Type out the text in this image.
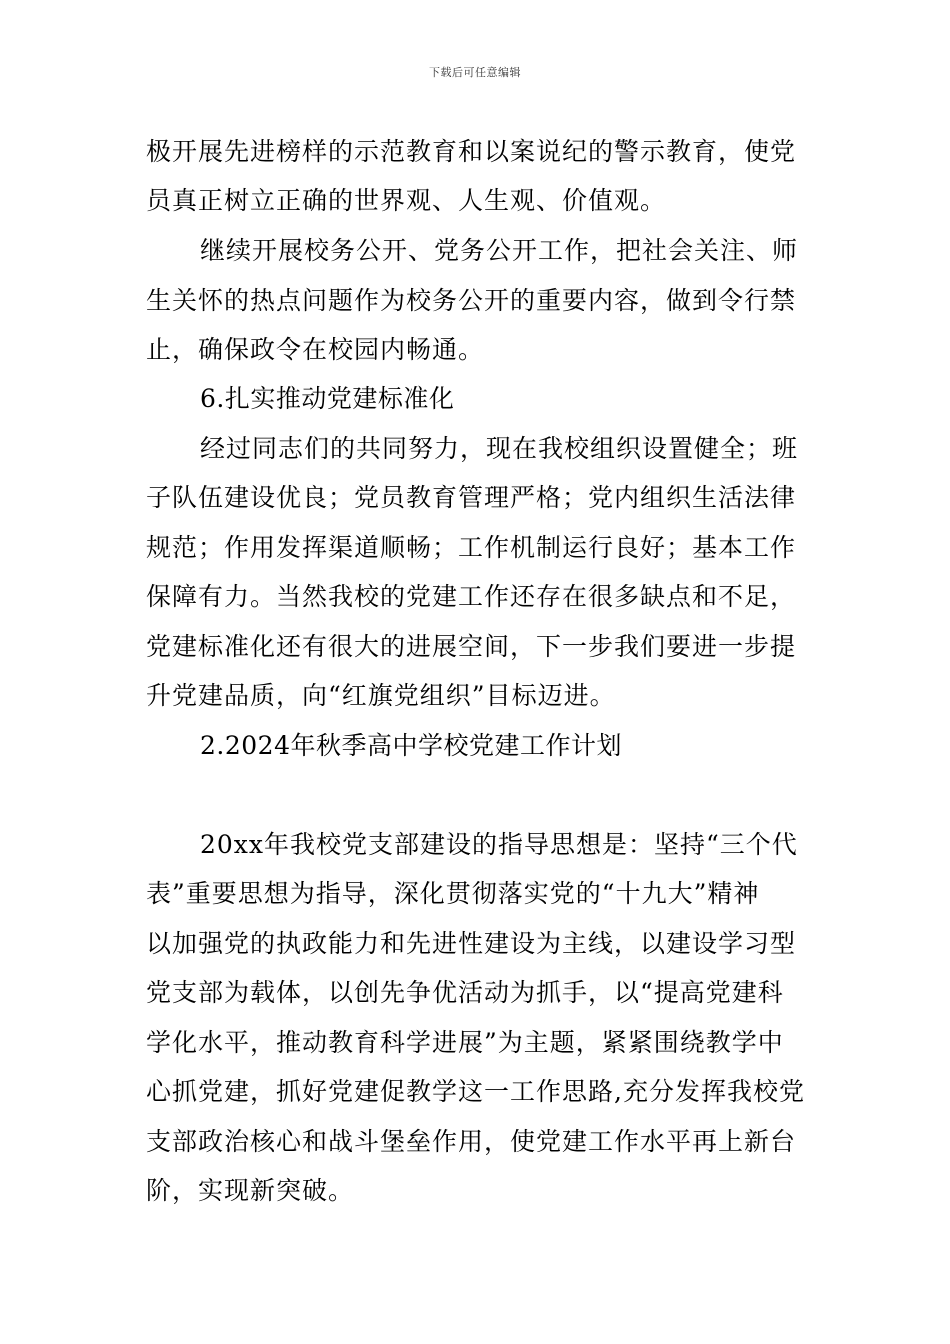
下载后可任意编辑
极开展先进榜样的示范教育和以案说纪的警示教育，使党
员真正树立正确的世界观、人生观、价值观。
继续开展校务公开、党务公开工作，把社会关注、师
生关怀的热点问题作为校务公开的重要内容，做到令行禁
止，确保政令在校园内畅通。
6.扎实推动党建标准化
经过同志们的共同努力，现在我校组织设置健全；班
子队伍建设优良；党员教育管理严格；党内组织生活法律
规范；作用发挥渠道顺畅；工作机制运行良好；基本工作
保障有力。当然我校的党建工作还存在很多缺点和不足，
党建标准化还有很大的进展空间，下一步我们要进一步提
升党建品质，向“红旗党组织”目标迈进。
2.2024年秋季高中学校党建工作计划
20xx年我校党支部建设的指导思想是：坚持“三个代
表”重要思想为指导，深化贯彻落实党的“十九大”精神
以加强党的执政能力和先进性建设为主线，以建设学习型
党支部为载体，以创先争优活动为抓手，以“提高党建科
学化水平，推动教育科学进展”为主题，紧紧围绕教学中
心抓党建，抓好党建促教学这一工作思路,充分发挥我校党
支部政治核心和战斗堡垒作用，使党建工作水平再上新台
阶，实现新突破。
